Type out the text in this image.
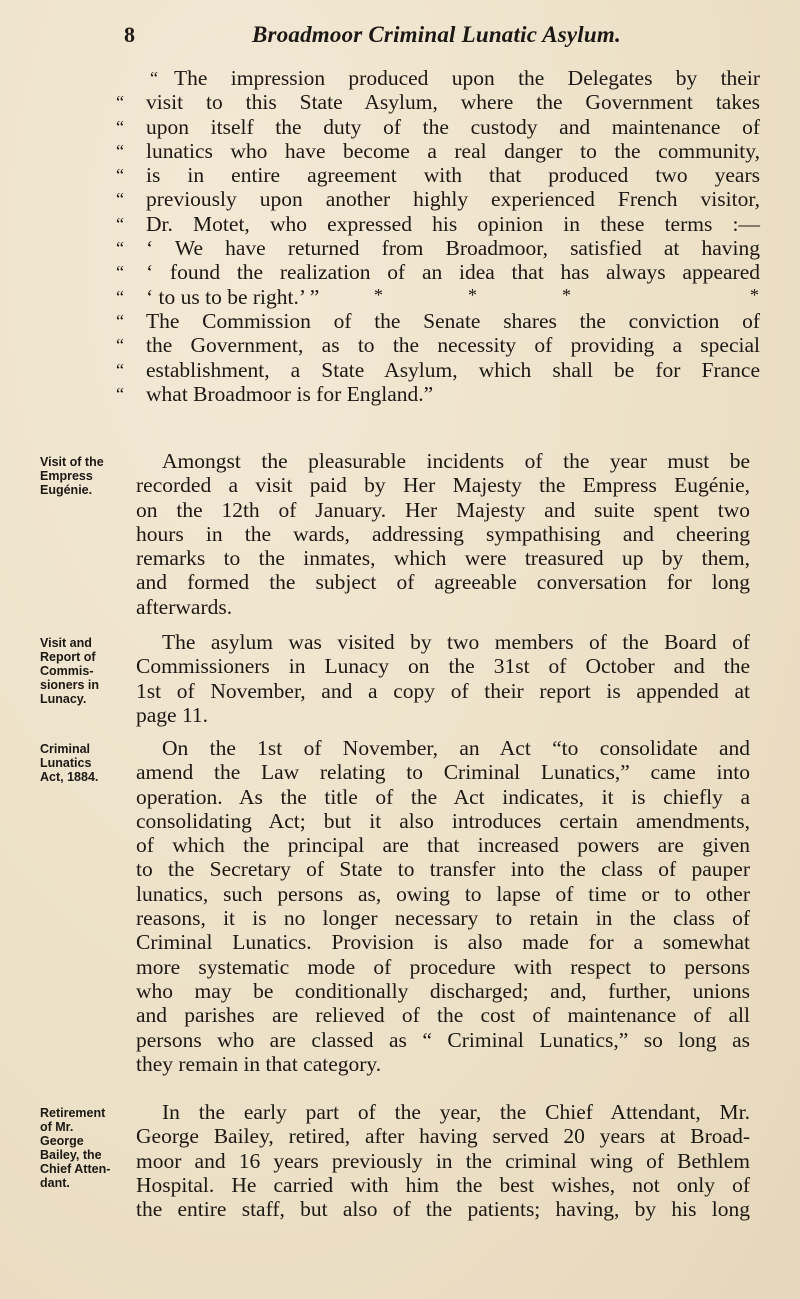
8	Broadmoor Criminal Lunatic Asylum.
“ The impression produced upon the Delegates by their
“ visit to this State Asylum, where the Government takes
“ upon itself the duty of the custody and maintenance of
“ lunatics who have become a real danger to the community,
“ is in entire agreement with that produced two years
“ previously upon another highly experienced French visitor,
“ Dr. Motet, who expressed his opinion in these terms :—
“ ‘ We have returned from Broadmoor, satisfied at having
“ ‘ found the realization of an idea that has always appeared
“ ‘ to us to be right.’ ”	*	*	*	*
“ The Commission of the Senate shares the conviction of
“ the Government, as to the necessity of providing a special
“ establishment, a State Asylum, which shall be for France
“ what Broadmoor is for England.”
Visit of the
Empress
Eugénie.
Amongst the pleasurable incidents of the year must be
recorded a visit paid by Her Majesty the Empress Eugénie,
on the 12th of January. Her Majesty and suite spent two
hours in the wards, addressing sympathising and cheering
remarks to the inmates, which were treasured up by them,
and formed the subject of agreeable conversation for long
afterwards.
Visit and
Report of
Commis-
sioners in
Lunacy.
The asylum was visited by two members of the Board of
Commissioners in Lunacy on the 31st of October and the
1st of November, and a copy of their report is appended at
page 11.
Criminal
Lunatics
Act, 1884.
On the 1st of November, an Act “to consolidate and
amend the Law relating to Criminal Lunatics,” came into
operation. As the title of the Act indicates, it is chiefly a
consolidating Act; but it also introduces certain amendments,
of which the principal are that increased powers are given
to the Secretary of State to transfer into the class of pauper
lunatics, such persons as, owing to lapse of time or to other
reasons, it is no longer necessary to retain in the class of
Criminal Lunatics. Provision is also made for a somewhat
more systematic mode of procedure with respect to persons
who may be conditionally discharged; and, further, unions
and parishes are relieved of the cost of maintenance of all
persons who are classed as “ Criminal Lunatics,” so long as
they remain in that category.
Retirement
of Mr.
George
Bailey, the
Chief Atten-
dant.
In the early part of the year, the Chief Attendant, Mr.
George Bailey, retired, after having served 20 years at Broad-
moor and 16 years previously in the criminal wing of Bethlem
Hospital. He carried with him the best wishes, not only of
the entire staff, but also of the patients; having, by his long
